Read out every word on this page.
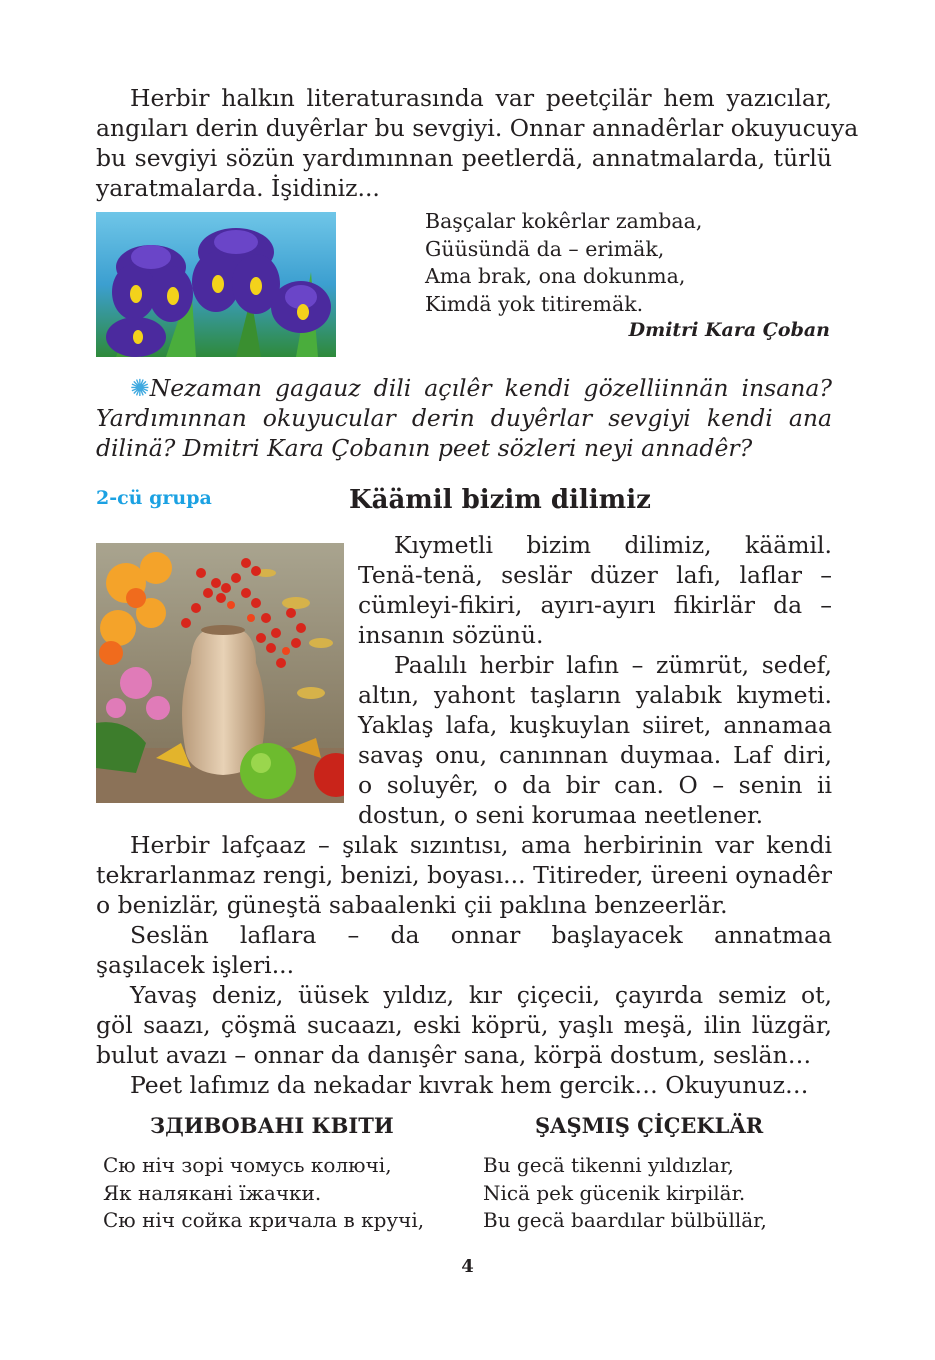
Herbir halkın literaturasında var peetçilär hem yazıcılar,
angıları derin duyêrlar bu sevgiyi. Onnar annadêrlar okuyucuya
bu sevgiyi sözün yardımınnan peetlerdä, annatmalarda, türlü
yaratmalarda. İşidiniz...
Başçalar kokêrlar zambaa,
Güüsündä da – erimäk,
Ama brak, ona dokunma,
Kimdä yok titiremäk.
Dmitri Kara Çoban
✺Nezaman gagauz dili açılêr kendi gözelliinnän insana?
Yardımınnan okuyucular derin duyêrlar sevgiyi kendi ana
dilinä? Dmitri Kara Çobanın peet sözleri neyi annadêr?
2-cü grupa	Käämil bizim dilimiz
Kıymetli bizim dilimiz, käämil.
Tenä-tenä, seslär düzer lafı, laflar –
cümleyi-fikiri, ayırı-ayırı fikirlär da –
insanın sözünü.
Paalılı herbir lafın – zümrüt, sedef,
altın, yahont taşların yalabık kıymeti.
Yaklaş lafa, kuşkuylan siiret, annamaa
savaş onu, canınnan duymaa. Laf diri,
o soluyêr, o da bir can. O – senin ii
dostun, o seni korumaa neetlener.
Herbir lafçaaz – şılak sızıntısı, ama herbirinin var kendi
tekrarlanmaz rengi, benizi, boyası... Titireder, üreeni oynadêr
o benizlär, güneştä sabaalenki çii paklına benzeerlär.
Seslän laflara – da onnar başlayacek annatmaa
şaşılacek işleri...
Yavaş deniz, üüsek yıldız, kır çiçecii, çayırda semiz ot,
göl saazı, çöşmä sucaazı, eski köprü, yaşlı meşä, ilin lüzgär,
bulut avazı – onnar da danışêr sana, körpä dostum, seslän…
Peet lafımız da nekadar kıvrak hem gercik… Okuyunuz…
ЗДИВОВАНІ КВІТИ	ŞAŞMIŞ ÇİÇEKLÄR
Сю ніч зорі чомусь колючі,
Як налякані їжачки.
Сю ніч сойка кричала в кручі,
Bu gecä tikenni yıldızlar,
Nicä pek gücenik kirpilär.
Bu gecä baardılar bülbüllär,
4
